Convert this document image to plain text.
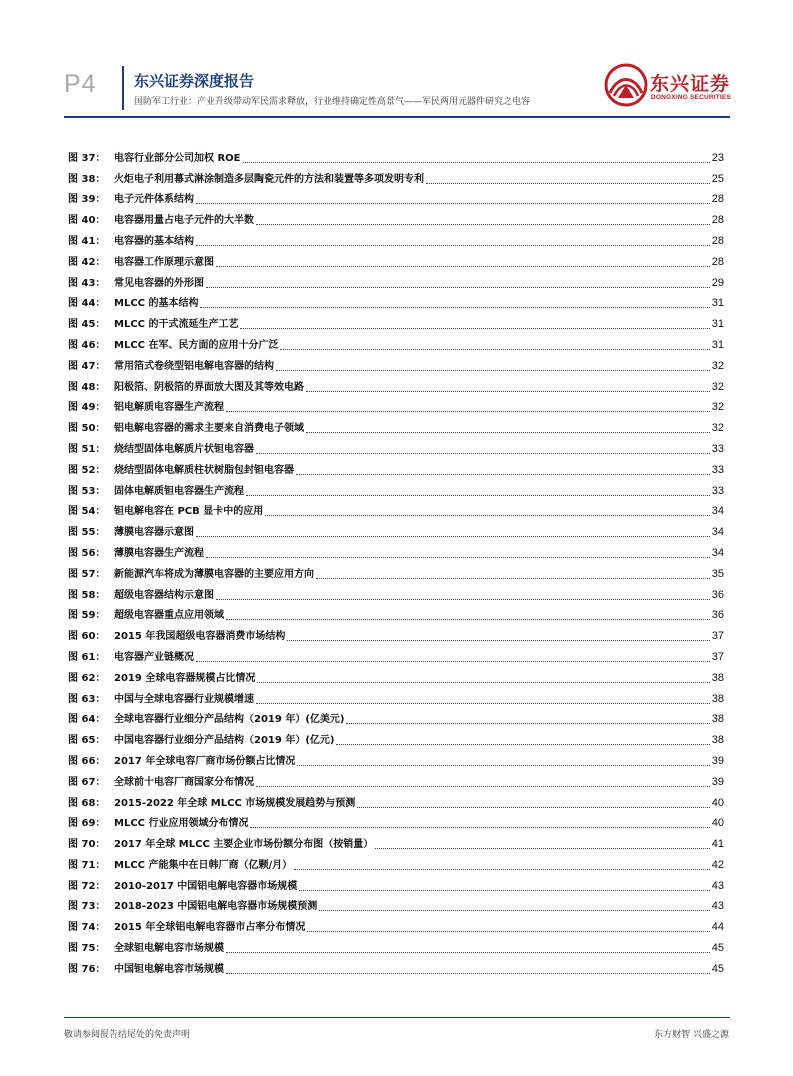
P4 东兴证券深度报告
国防军工行业：产业升级带动军民需求释放，行业维持确定性高景气——军民两用元器件研究之电容
东兴证券
DONGXING SECURITIES
图 37： 电容行业部分公司加权 ROE	23
图 38： 火炬电子利用幕式淋涂制造多层陶瓷元件的方法和装置等多项发明专利	25
图 39： 电子元件体系结构	28
图 40： 电容器用量占电子元件的大半数	28
图 41： 电容器的基本结构	28
图 42： 电容器工作原理示意图	28
图 43： 常见电容器的外形图	29
图 44： MLCC 的基本结构	31
图 45： MLCC 的干式流延生产工艺	31
图 46： MLCC 在军、民方面的应用十分广泛	31
图 47： 常用箔式卷绕型铝电解电容器的结构	32
图 48： 阳极箔、阴极箔的界面放大图及其等效电路	32
图 49： 铝电解质电容器生产流程	32
图 50： 铝电解电容器的需求主要来自消费电子领域	32
图 51： 烧结型固体电解质片状钽电容器	33
图 52： 烧结型固体电解质柱状树脂包封钽电容器	33
图 53： 固体电解质钽电容器生产流程	33
图 54： 钽电解电容在 PCB 显卡中的应用	34
图 55： 薄膜电容器示意图	34
图 56： 薄膜电容器生产流程	34
图 57： 新能源汽车将成为薄膜电容器的主要应用方向	35
图 58： 超级电容器结构示意图	36
图 59： 超级电容器重点应用领域	36
图 60： 2015 年我国超级电容器消费市场结构	37
图 61： 电容器产业链概况	37
图 62： 2019 全球电容器规模占比情况	38
图 63： 中国与全球电容器行业规模增速	38
图 64： 全球电容器行业细分产品结构（2019 年）(亿美元)	38
图 65： 中国电容器行业细分产品结构（2019 年）(亿元)	38
图 66： 2017 年全球电容厂商市场份额占比情况	39
图 67： 全球前十电容厂商国家分布情况	39
图 68： 2015-2022 年全球 MLCC 市场规模发展趋势与预测	40
图 69： MLCC 行业应用领域分布情况	40
图 70： 2017 年全球 MLCC 主要企业市场份额分布图（按销量）	41
图 71： MLCC 产能集中在日韩厂商（亿颗/月）	42
图 72： 2010-2017 中国铝电解电容器市场规模	43
图 73： 2018-2023 中国铝电解电容器市场规模预测	43
图 74： 2015 年全球铝电解电容器市占率分布情况	44
图 75： 全球钽电解电容市场规模	45
图 76： 中国钽电解电容市场规模	45
敬请参阅报告结尾处的免责声明	东方财智 兴盛之源
